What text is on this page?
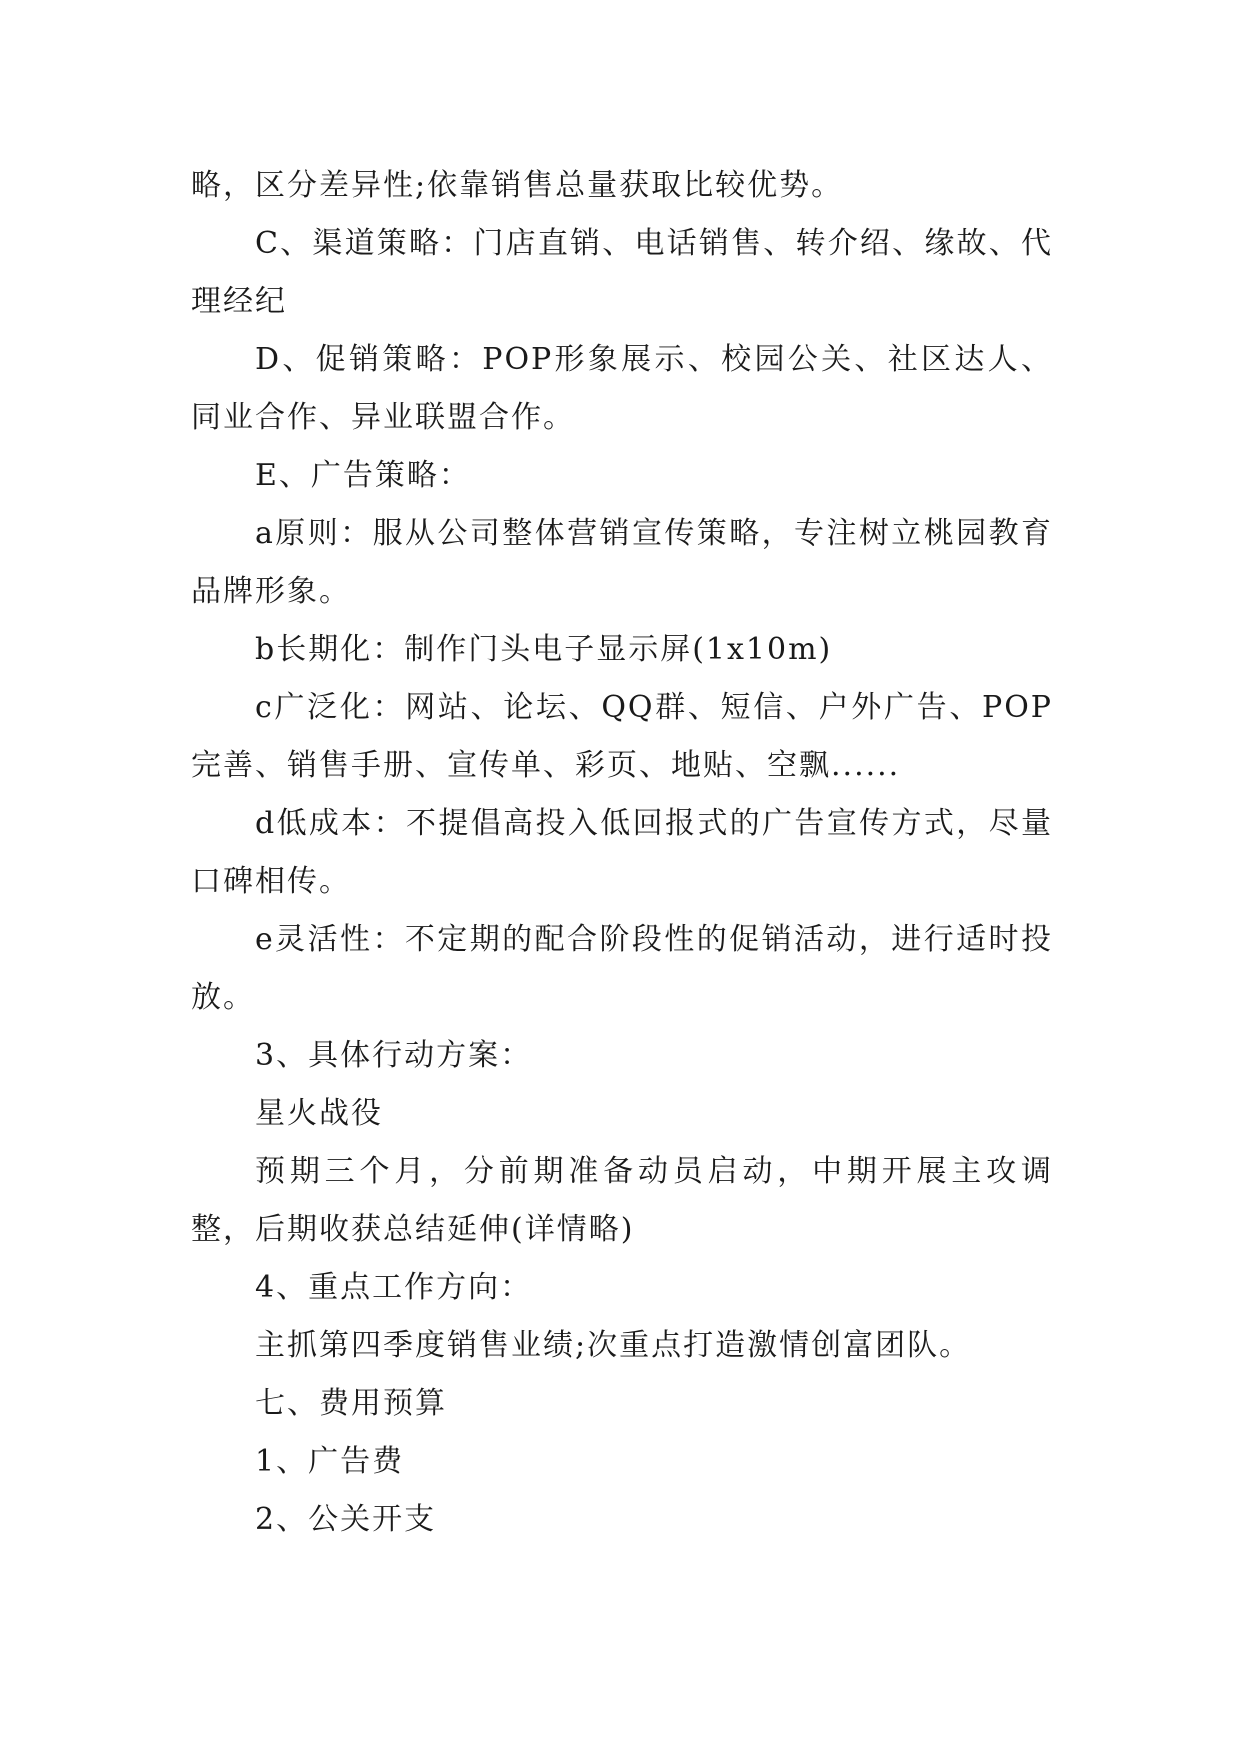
略，区分差异性;依靠销售总量获取比较优势。

C、渠道策略：门店直销、电话销售、转介绍、缘故、代理经纪

D、促销策略：POP形象展示、校园公关、社区达人、同业合作、异业联盟合作。

E、广告策略：

a原则：服从公司整体营销宣传策略，专注树立桃园教育品牌形象。

b长期化：制作门头电子显示屏(1x10m)

c广泛化：网站、论坛、QQ群、短信、户外广告、POP完善、销售手册、宣传单、彩页、地贴、空飘......

d低成本：不提倡高投入低回报式的广告宣传方式，尽量口碑相传。

e灵活性：不定期的配合阶段性的促销活动，进行适时投放。

3、具体行动方案：

星火战役

预期三个月，分前期准备动员启动，中期开展主攻调整，后期收获总结延伸(详情略)

4、重点工作方向：

主抓第四季度销售业绩;次重点打造激情创富团队。

七、费用预算

1、广告费

2、公关开支
